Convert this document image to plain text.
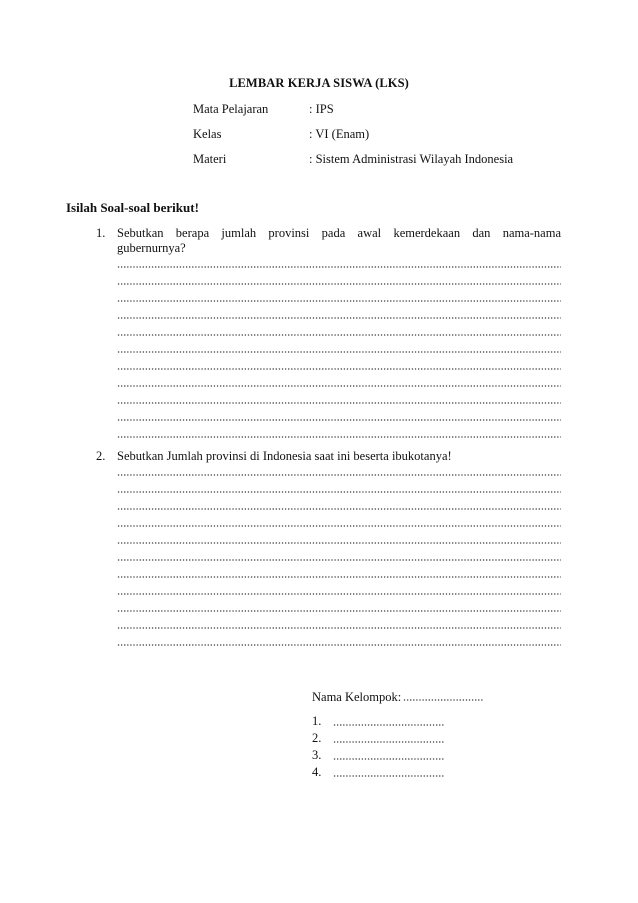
LEMBAR KERJA SISWA (LKS)
Mata Pelajaran	: IPS
Kelas	: VI (Enam)
Materi	: Sistem Administrasi Wilayah Indonesia
Isilah Soal-soal berikut!
1. Sebutkan berapa jumlah provinsi pada awal kemerdekaan dan nama-nama
gubernurnya?
2. Sebutkan Jumlah provinsi di Indonesia saat ini beserta ibukotanya!
Nama Kelompok:
1.
2.
3.
4.
